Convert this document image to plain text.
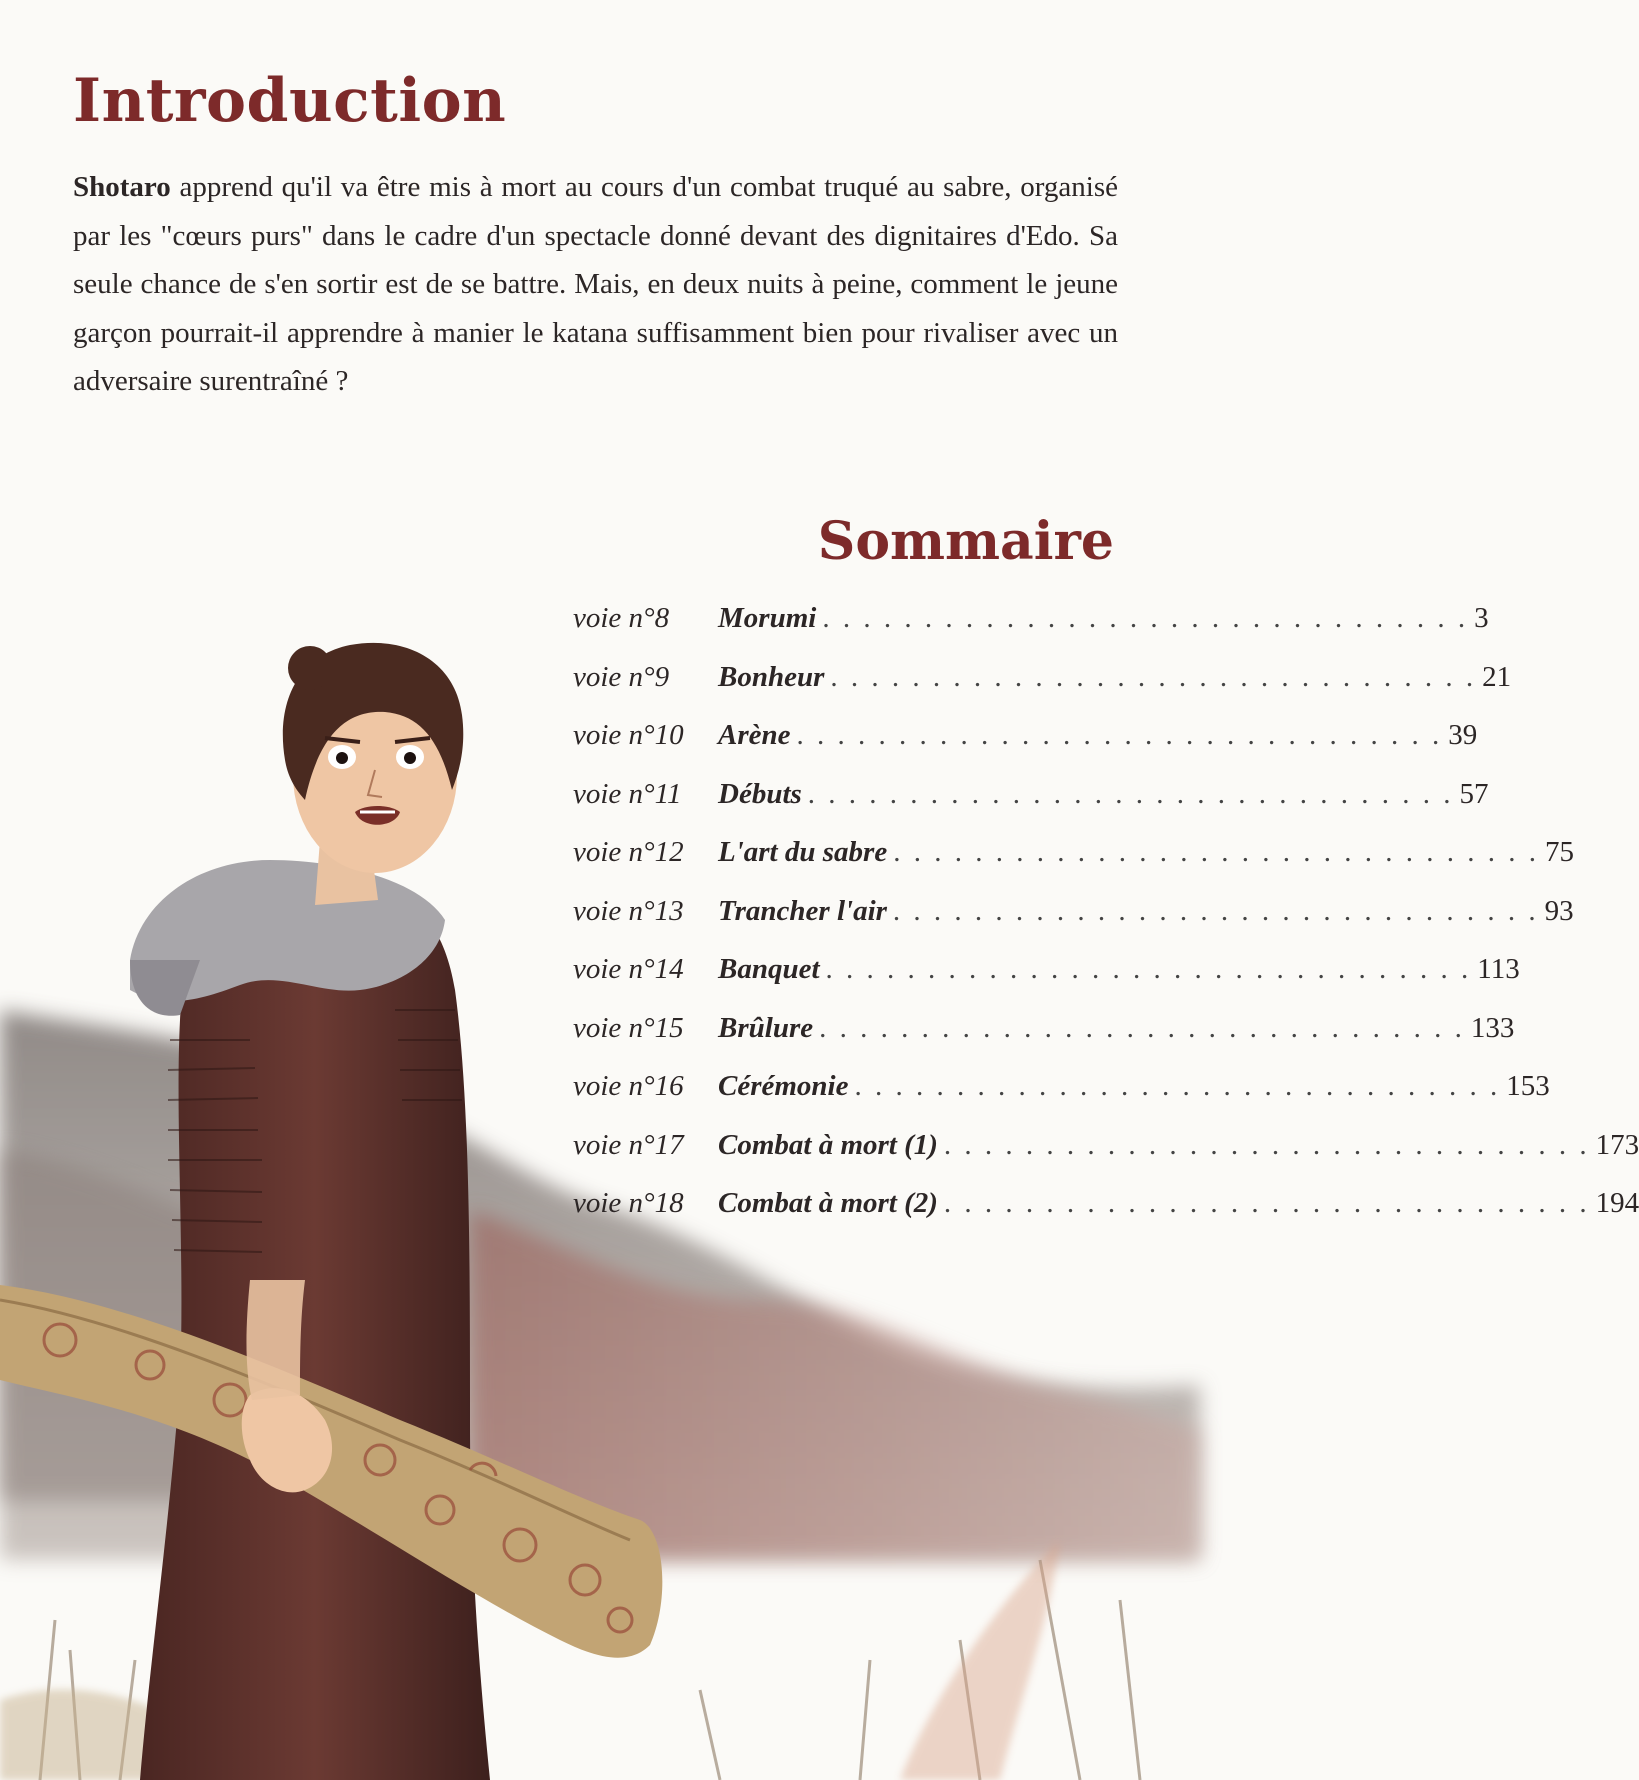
Introduction

Shotaro apprend qu'il va être mis à mort au cours d'un combat truqué au sabre, organisé par les "cœurs purs" dans le cadre d'un spectacle donné devant des dignitaires d'Edo. Sa seule chance de s'en sortir est de se battre. Mais, en deux nuits à peine, comment le jeune garçon pourrait-il apprendre à manier le katana suffisamment bien pour rivaliser avec un adversaire surentraîné ?

Sommaire
voie n°8	Morumi . . . . . . . . . . . . . . . . . . . . . . . . . . . . . . . . 3
voie n°9	Bonheur . . . . . . . . . . . . . . . . . . . . . . . . . . . . . . . . 21
voie n°10	Arène . . . . . . . . . . . . . . . . . . . . . . . . . . . . . . . . 39
voie n°11	Débuts . . . . . . . . . . . . . . . . . . . . . . . . . . . . . . . . 57
voie n°12	L'art du sabre . . . . . . . . . . . . . . . . . . . . . . . . . . . . . . . . 75
voie n°13	Trancher l'air . . . . . . . . . . . . . . . . . . . . . . . . . . . . . . . . 93
voie n°14	Banquet . . . . . . . . . . . . . . . . . . . . . . . . . . . . . . . . 113
voie n°15	Brûlure . . . . . . . . . . . . . . . . . . . . . . . . . . . . . . . . 133
voie n°16	Cérémonie . . . . . . . . . . . . . . . . . . . . . . . . . . . . . . . . 153
voie n°17	Combat à mort (1) . . . . . . . . . . . . . . . . . . . . . . . . . . . . . . . . 173
voie n°18	Combat à mort (2) . . . . . . . . . . . . . . . . . . . . . . . . . . . . . . . . 194
